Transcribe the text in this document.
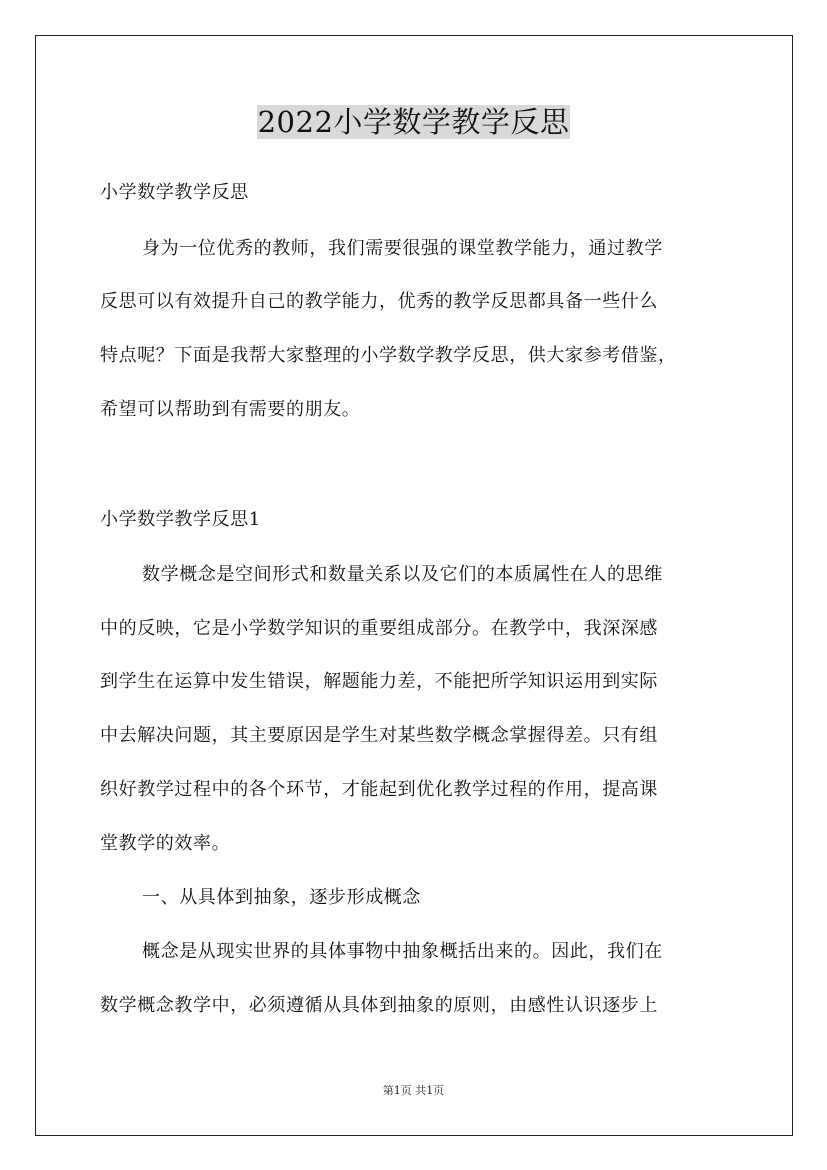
2022小学数学教学反思
小学数学教学反思
身为一位优秀的教师，我们需要很强的课堂教学能力，通过教学
反思可以有效提升自己的教学能力，优秀的教学反思都具备一些什么
特点呢？下面是我帮大家整理的小学数学教学反思，供大家参考借鉴，
希望可以帮助到有需要的朋友。
小学数学教学反思1
数学概念是空间形式和数量关系以及它们的本质属性在人的思维
中的反映，它是小学数学知识的重要组成部分。在教学中，我深深感
到学生在运算中发生错误，解题能力差，不能把所学知识运用到实际
中去解决问题，其主要原因是学生对某些数学概念掌握得差。只有组
织好教学过程中的各个环节，才能起到优化教学过程的作用，提高课
堂教学的效率。
一、从具体到抽象，逐步形成概念
概念是从现实世界的具体事物中抽象概括出来的。因此，我们在
数学概念教学中，必须遵循从具体到抽象的原则，由感性认识逐步上
第1页 共1页
